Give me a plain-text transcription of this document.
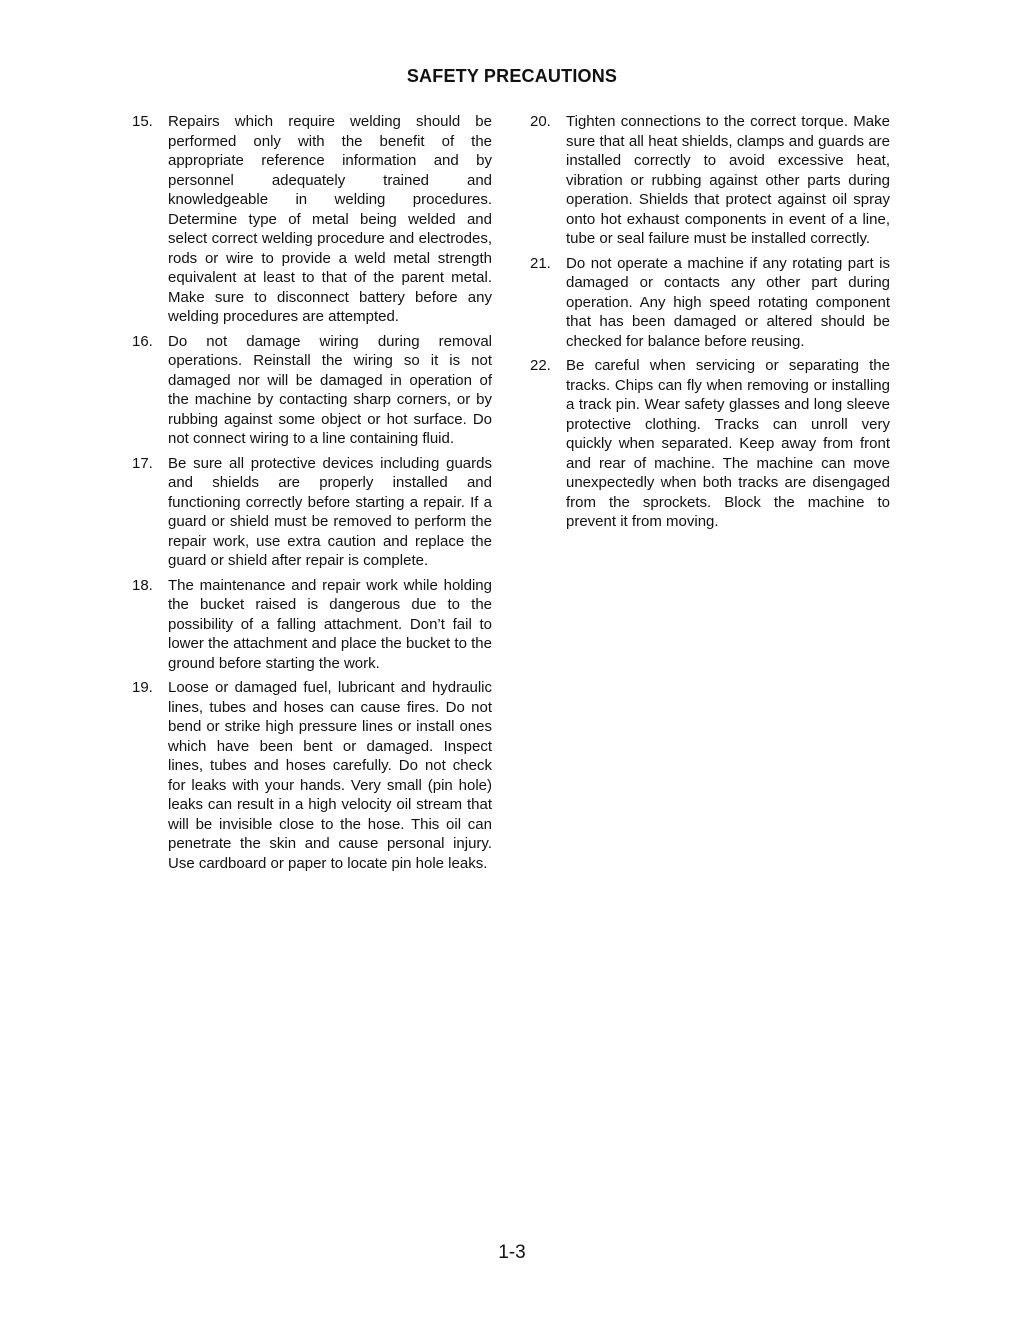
SAFETY PRECAUTIONS
15.	Repairs which require welding should be performed only with the benefit of the appropriate reference information and by personnel adequately trained and knowledgeable in welding procedures. Determine type of metal being welded and select correct welding procedure and electrodes, rods or wire to provide a weld metal strength equivalent at least to that of the parent metal. Make sure to disconnect battery before any welding procedures are attempted.
16.	Do not damage wiring during removal operations. Reinstall the wiring so it is not damaged nor will be damaged in operation of the machine by contacting sharp corners, or by rubbing against some object or hot surface. Do not connect wiring to a line containing fluid.
17.	Be sure all protective devices including guards and shields are properly installed and functioning correctly before starting a repair. If a guard or shield must be removed to perform the repair work, use extra caution and replace the guard or shield after repair is complete.
18.	The maintenance and repair work while holding the bucket raised is dangerous due to the possibility of a falling attachment. Don’t fail to lower the attachment and place the bucket to the ground before starting the work.
19.	Loose or damaged fuel, lubricant and hydraulic lines, tubes and hoses can cause fires. Do not bend or strike high pressure lines or install ones which have been bent or damaged. Inspect lines, tubes and hoses carefully. Do not check for leaks with your hands. Very small (pin hole) leaks can result in a high velocity oil stream that will be invisible close to the hose. This oil can penetrate the skin and cause personal injury. Use cardboard or paper to locate pin hole leaks.
20.	Tighten connections to the correct torque. Make sure that all heat shields, clamps and guards are installed correctly to avoid excessive heat, vibration or rubbing against other parts during operation. Shields that protect against oil spray onto hot exhaust components in event of a line, tube or seal failure must be installed correctly.
21.	Do not operate a machine if any rotating part is damaged or contacts any other part during operation. Any high speed rotating component that has been damaged or altered should be checked for balance before reusing.
22.	Be careful when servicing or separating the tracks. Chips can fly when removing or installing a track pin. Wear safety glasses and long sleeve protective clothing. Tracks can unroll very quickly when separated. Keep away from front and rear of machine. The machine can move unexpectedly when both tracks are disengaged from the sprockets. Block the machine to prevent it from moving.
1-3
